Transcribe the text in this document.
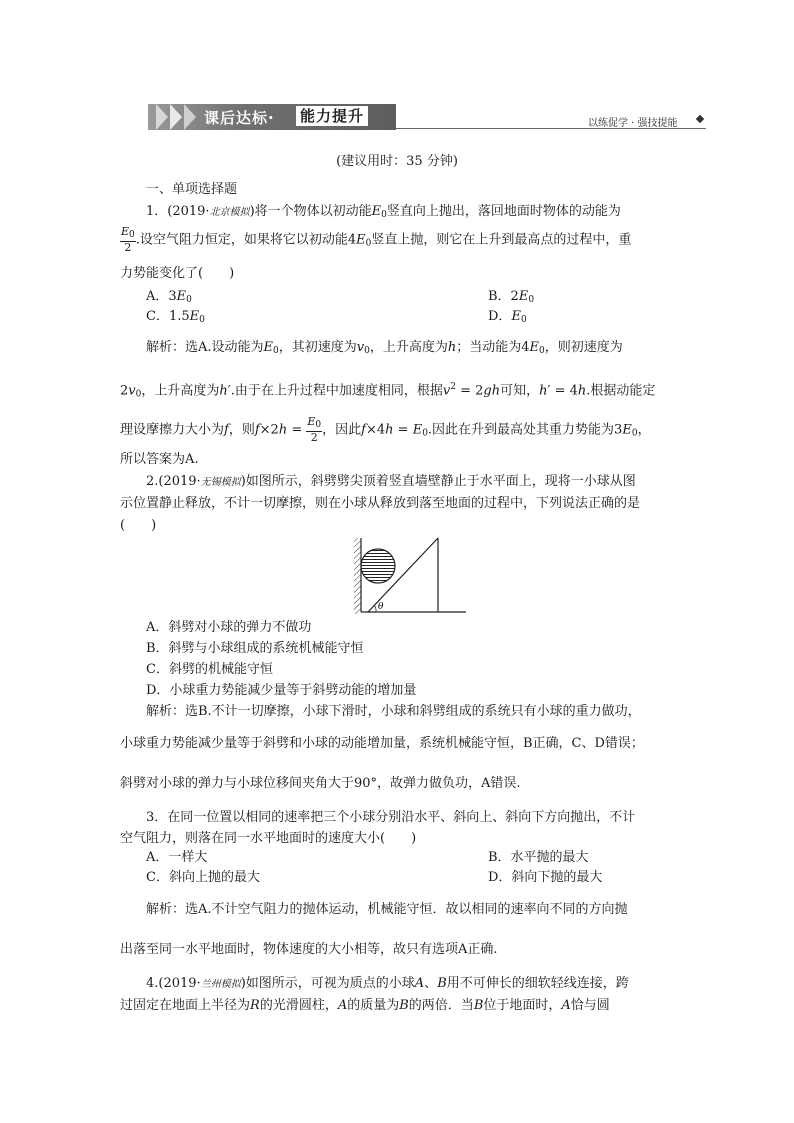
课后达标· 能力提升	以练促学 · 强技提能
(建议用时：35 分钟)
一、单项选择题
1．(2019·北京模拟)将一个物体以初动能$E_0$竖直向上抛出，落回地面时物体的动能为
$\frac{E_0}{2}$ .设空气阻力恒定，如果将它以初动能$4E_0$竖直上抛，则它在上升到最高点的过程中，重
力势能变化了(　　)
A．$3E_0$	B．$2E_0$
C．$1.5E_0$	D．$E_0$
解析：选A.设动能为$E_0$，其初速度为$v_0$，上升高度为h；当动能为$4E_0$，则初速度为
$2v_0$，上升高度为h′.由于在上升过程中加速度相同，根据$v^2 = 2gh$可知，h′ = 4h.根据动能定
理设摩擦力大小为f，则$f\times 2h = \frac{E_0}{2}$ ，因此$f\times 4h = E_0$.因此在升到最高处其重力势能为$3E_0$，
所以答案为A.
2.(2019·无锡模拟)如图所示，斜劈劈尖顶着竖直墙壁静止于水平面上，现将一小球从图
示位置静止释放，不计一切摩擦，则在小球从释放到落至地面的过程中，下列说法正确的是
(　　)
θ
A．斜劈对小球的弹力不做功
B．斜劈与小球组成的系统机械能守恒
C．斜劈的机械能守恒
D．小球重力势能减少量等于斜劈动能的增加量
解析：选B.不计一切摩擦，小球下滑时，小球和斜劈组成的系统只有小球的重力做功，
小球重力势能减少量等于斜劈和小球的动能增加量，系统机械能守恒，B正确，C、D错误；
斜劈对小球的弹力与小球位移间夹角大于90°，故弹力做负功，A错误.
3．在同一位置以相同的速率把三个小球分别沿水平、斜向上、斜向下方向抛出，不计
空气阻力，则落在同一水平地面时的速度大小(　　)
A．一样大	B．水平抛的最大
C．斜向上抛的最大	D．斜向下抛的最大
解析：选A.不计空气阻力的抛体运动，机械能守恒．故以相同的速率向不同的方向抛
出落至同一水平地面时，物体速度的大小相等，故只有选项A正确.
4.(2019·兰州模拟)如图所示，可视为质点的小球A、B用不可伸长的细软轻线连接，跨
过固定在地面上半径为R的光滑圆柱，A的质量为B的两倍．当B位于地面时，A恰与圆
